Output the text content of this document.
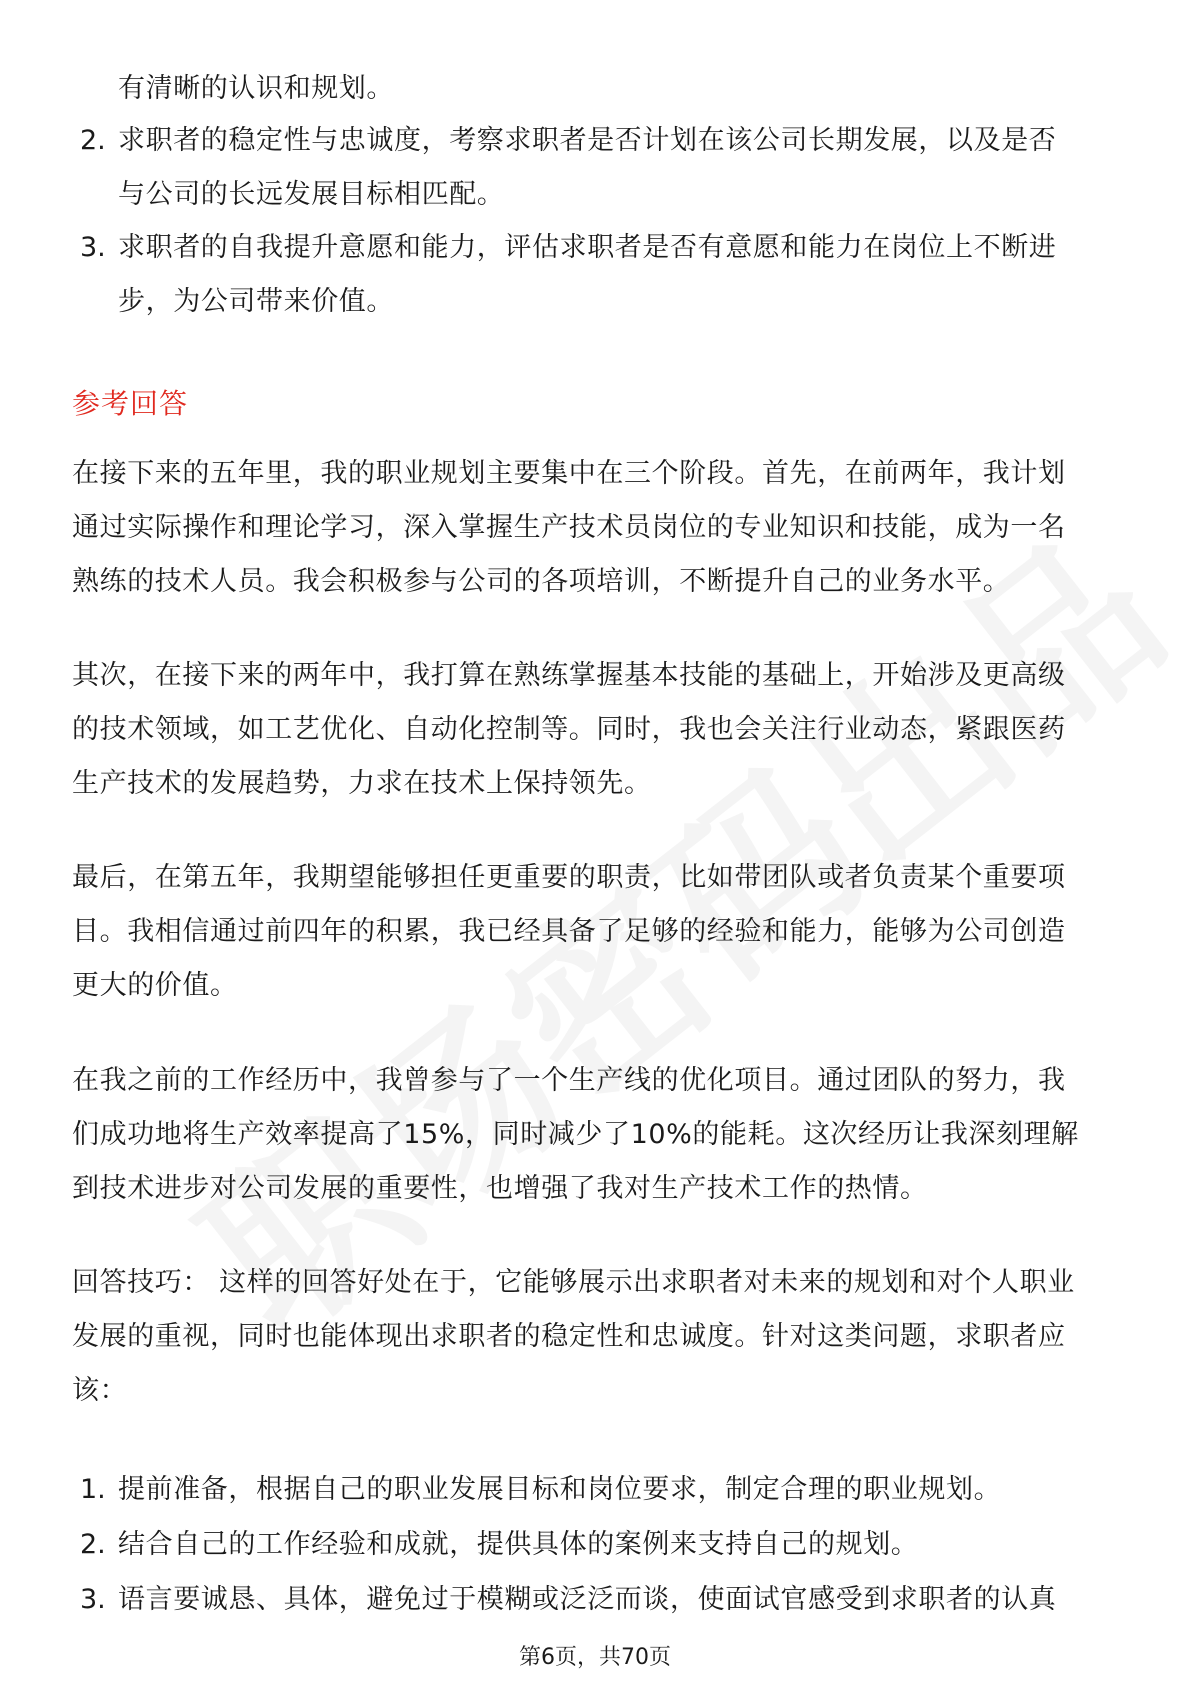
有清晰的认识和规划。
2. 求职者的稳定性与忠诚度，考察求职者是否计划在该公司长期发展，以及是否
与公司的长远发展目标相匹配。
3. 求职者的自我提升意愿和能力，评估求职者是否有意愿和能力在岗位上不断进
步，为公司带来价值。
参考回答
在接下来的五年里，我的职业规划主要集中在三个阶段。首先，在前两年，我计划
通过实际操作和理论学习，深入掌握生产技术员岗位的专业知识和技能，成为一名
熟练的技术人员。我会积极参与公司的各项培训，不断提升自己的业务水平。
其次，在接下来的两年中，我打算在熟练掌握基本技能的基础上，开始涉及更高级
的技术领域，如工艺优化、自动化控制等。同时，我也会关注行业动态，紧跟医药
生产技术的发展趋势，力求在技术上保持领先。
最后，在第五年，我期望能够担任更重要的职责，比如带团队或者负责某个重要项
目。我相信通过前四年的积累，我已经具备了足够的经验和能力，能够为公司创造
更大的价值。
在我之前的工作经历中，我曾参与了一个生产线的优化项目。通过团队的努力，我
们成功地将生产效率提高了15%，同时减少了10%的能耗。这次经历让我深刻理解
到技术进步对公司发展的重要性，也增强了我对生产技术工作的热情。
回答技巧： 这样的回答好处在于，它能够展示出求职者对未来的规划和对个人职业
发展的重视，同时也能体现出求职者的稳定性和忠诚度。针对这类问题，求职者应
该：
1. 提前准备，根据自己的职业发展目标和岗位要求，制定合理的职业规划。
2. 结合自己的工作经验和成就，提供具体的案例来支持自己的规划。
3. 语言要诚恳、具体，避免过于模糊或泛泛而谈，使面试官感受到求职者的认真
第6页，共70页
